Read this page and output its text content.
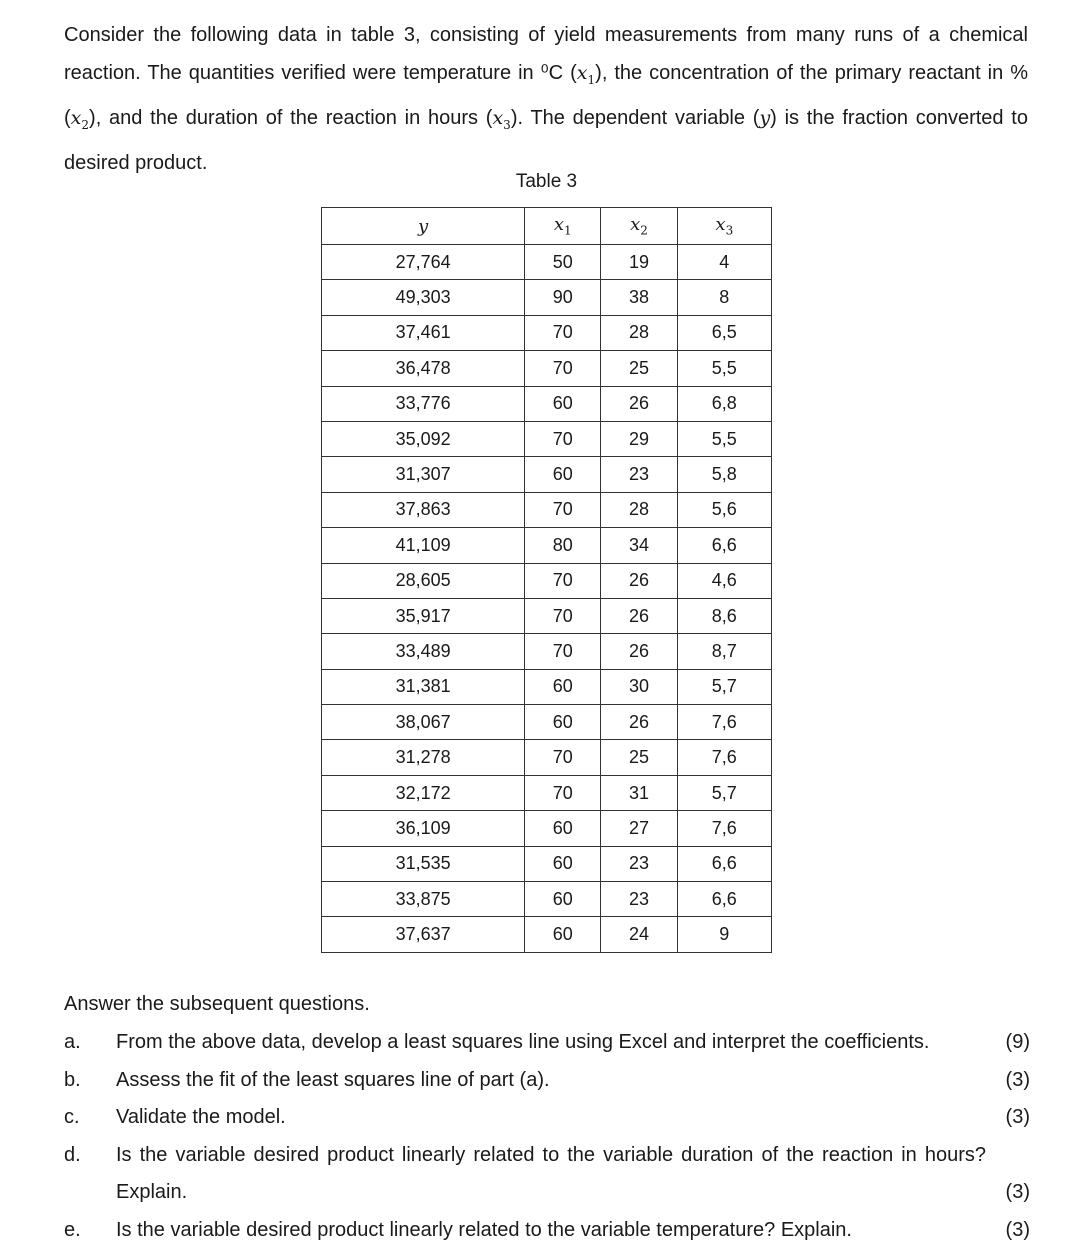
Consider the following data in table 3, consisting of yield measurements from many runs of a chemical reaction. The quantities verified were temperature in ⁰C $(x_1)$, the concentration of the primary reactant in % $(x_2)$, and the duration of the reaction in hours $(x_3)$. The dependent variable (y) is the fraction converted to desired product.

Table 3
y	$x_1$	$x_2$	$x_3$
27,764	50	19	4
49,303	90	38	8
37,461	70	28	6,5
36,478	70	25	5,5
33,776	60	26	6,8
35,092	70	29	5,5
31,307	60	23	5,8
37,863	70	28	5,6
41,109	80	34	6,6
28,605	70	26	4,6
35,917	70	26	8,6
33,489	70	26	8,7
31,381	60	30	5,7
38,067	60	26	7,6
31,278	70	25	7,6
32,172	70	31	5,7
36,109	60	27	7,6
31,535	60	23	6,6
33,875	60	23	6,6
37,637	60	24	9
Answer the subsequent questions.
a. From the above data, develop a least squares line using Excel and interpret the coefficients.	(9)
b. Assess the fit of the least squares line of part (a).	(3)
c. Validate the model.	(3)
d. Is the variable desired product linearly related to the variable duration of the reaction in hours? Explain.	(3)
e. Is the variable desired product linearly related to the variable temperature? Explain.	(3)
